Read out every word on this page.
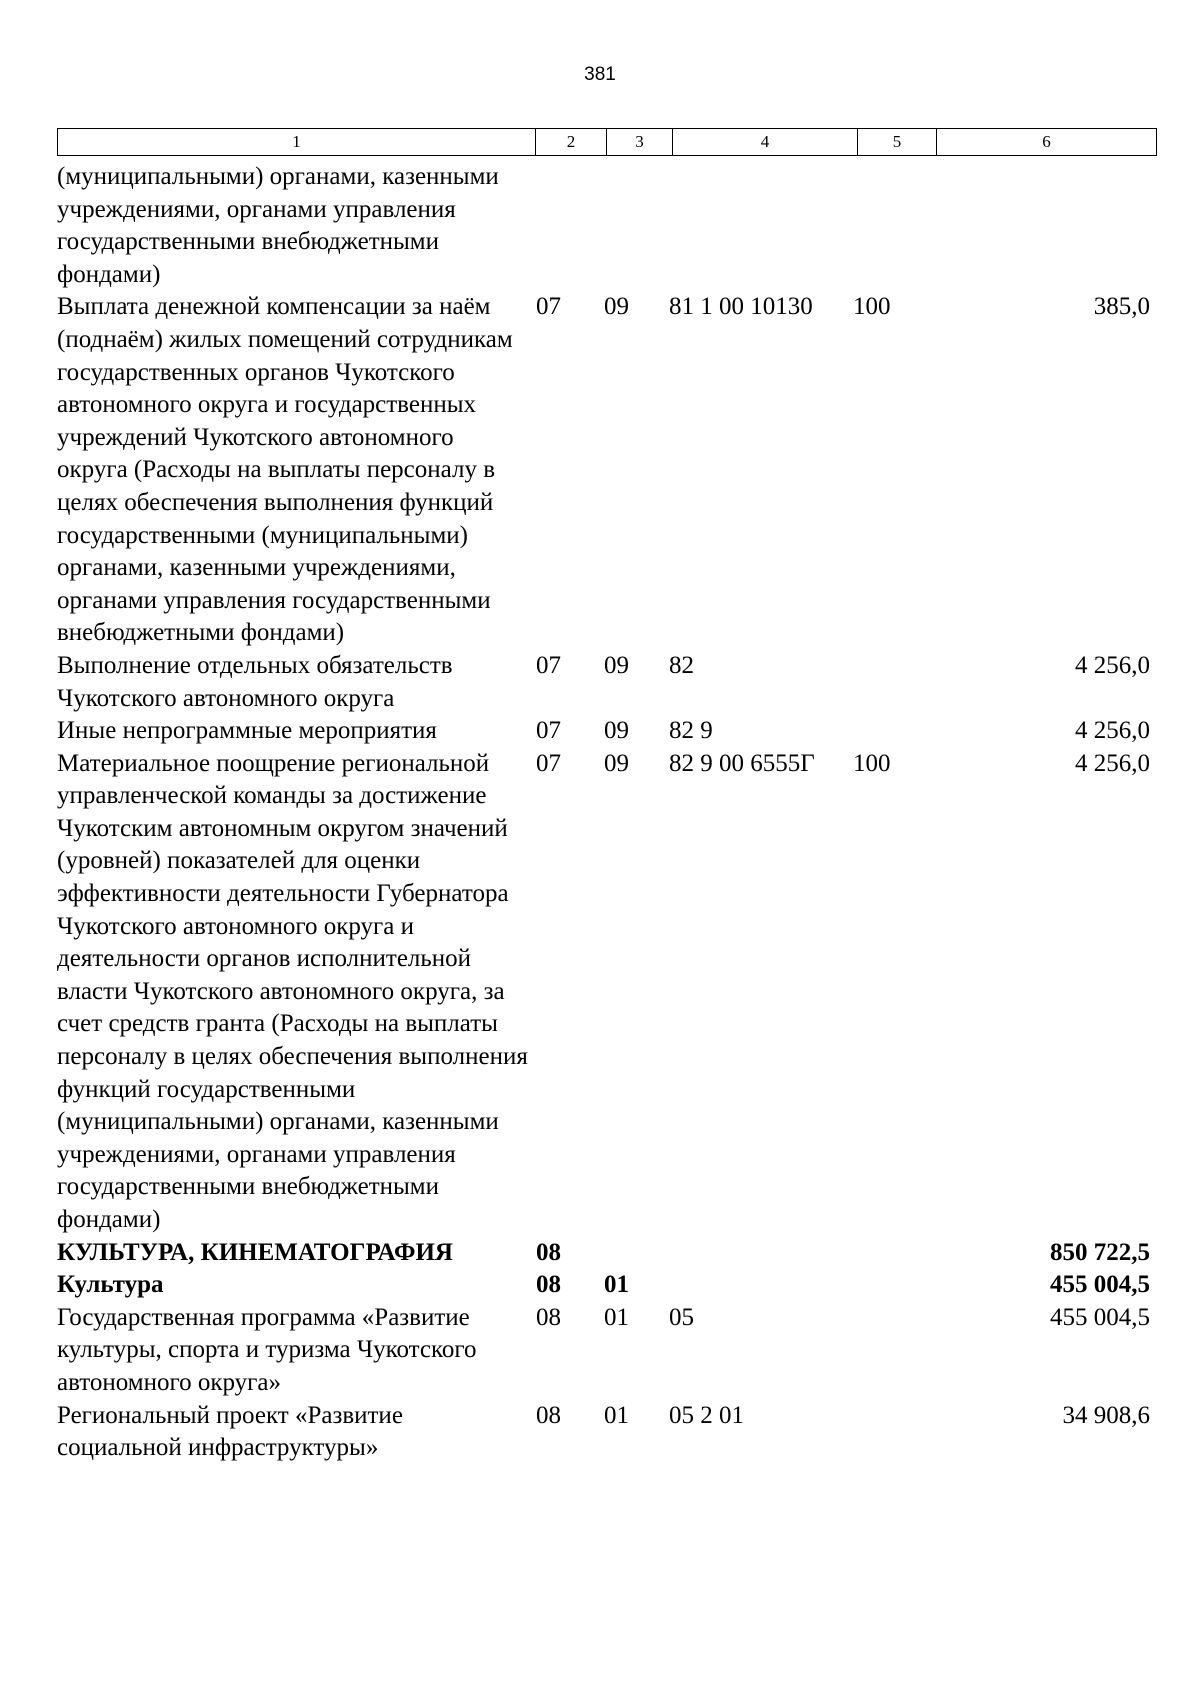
381
1	2	3	4	5	6
(муниципальными) органами, казенными учреждениями, органами управления государственными внебюджетными фондами)					
Выплата денежной компенсации за наём (поднаём) жилых помещений сотрудникам государственных органов Чукотского автономного округа и государственных учреждений Чукотского автономного округа (Расходы на выплаты персоналу в целях обеспечения выполнения функций государственными (муниципальными) органами, казенными учреждениями, органами управления государственными внебюджетными фондами)	07	09	81 1 00 10130	100	385,0
Выполнение отдельных обязательств Чукотского автономного округа	07	09	82		4 256,0
Иные непрограммные мероприятия	07	09	82 9		4 256,0
Материальное поощрение региональной управленческой команды за достижение Чукотским автономным округом значений (уровней) показателей для оценки эффективности деятельности Губернатора Чукотского автономного округа и деятельности органов исполнительной власти Чукотского автономного округа, за счет средств гранта (Расходы на выплаты персоналу в целях обеспечения выполнения функций государственными (муниципальными) органами, казенными учреждениями, органами управления государственными внебюджетными фондами)	07	09	82 9 00 6555Г	100	4 256,0
КУЛЬТУРА, КИНЕМАТОГРАФИЯ	08				850 722,5
Культура	08	01			455 004,5
Государственная программа «Развитие культуры, спорта и туризма Чукотского автономного округа»	08	01	05		455 004,5
Региональный проект «Развитие социальной инфраструктуры»	08	01	05 2 01		34 908,6
